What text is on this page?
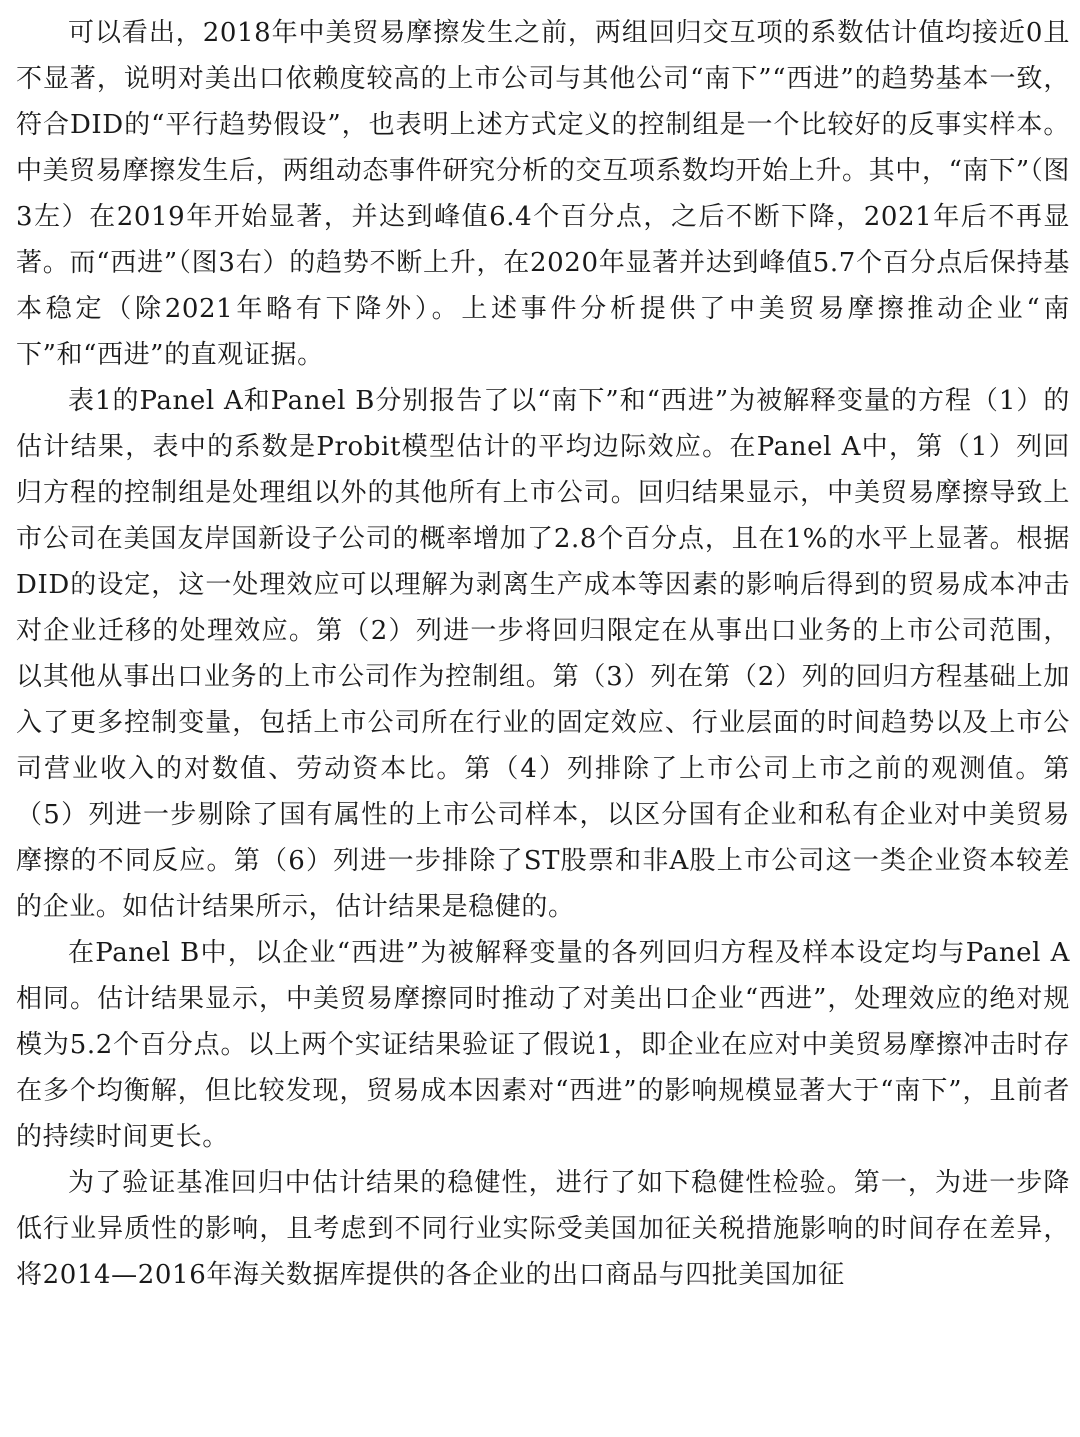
可以看出，2018年中美贸易摩擦发生之前，两组回归交互项的系数估计值均接近0且不显著，说明对美出口依赖度较高的上市公司与其他公司“南下”“西进”的趋势基本一致，符合DID的“平行趋势假设”，也表明上述方式定义的控制组是一个比较好的反事实样本。中美贸易摩擦发生后，两组动态事件研究分析的交互项系数均开始上升。其中，“南下”（图3左）在2019年开始显著，并达到峰值6.4个百分点，之后不断下降，2021年后不再显著。而“西进”（图3右）的趋势不断上升，在2020年显著并达到峰值5.7个百分点后保持基本稳定（除2021年略有下降外）。上述事件分析提供了中美贸易摩擦推动企业“南下”和“西进”的直观证据。

表1的Panel A和Panel B分别报告了以“南下”和“西进”为被解释变量的方程（1）的估计结果，表中的系数是Probit模型估计的平均边际效应。在Panel A中，第（1）列回归方程的控制组是处理组以外的其他所有上市公司。回归结果显示，中美贸易摩擦导致上市公司在美国友岸国新设子公司的概率增加了2.8个百分点，且在1%的水平上显著。根据DID的设定，这一处理效应可以理解为剥离生产成本等因素的影响后得到的贸易成本冲击对企业迁移的处理效应。第（2）列进一步将回归限定在从事出口业务的上市公司范围，以其他从事出口业务的上市公司作为控制组。第（3）列在第（2）列的回归方程基础上加入了更多控制变量，包括上市公司所在行业的固定效应、行业层面的时间趋势以及上市公司营业收入的对数值、劳动资本比。第（4）列排除了上市公司上市之前的观测值。第（5）列进一步剔除了国有属性的上市公司样本，以区分国有企业和私有企业对中美贸易摩擦的不同反应。第（6）列进一步排除了ST股票和非A股上市公司这一类企业资本较差的企业。如估计结果所示，估计结果是稳健的。

在Panel B中，以企业“西进”为被解释变量的各列回归方程及样本设定均与Panel A相同。估计结果显示，中美贸易摩擦同时推动了对美出口企业“西进”，处理效应的绝对规模为5.2个百分点。以上两个实证结果验证了假说1，即企业在应对中美贸易摩擦冲击时存在多个均衡解，但比较发现，贸易成本因素对“西进”的影响规模显著大于“南下”，且前者的持续时间更长。

为了验证基准回归中估计结果的稳健性，进行了如下稳健性检验。第一，为进一步降低行业异质性的影响，且考虑到不同行业实际受美国加征关税措施影响的时间存在差异，将2014—2016年海关数据库提供的各企业的出口商品与四批美国加征
